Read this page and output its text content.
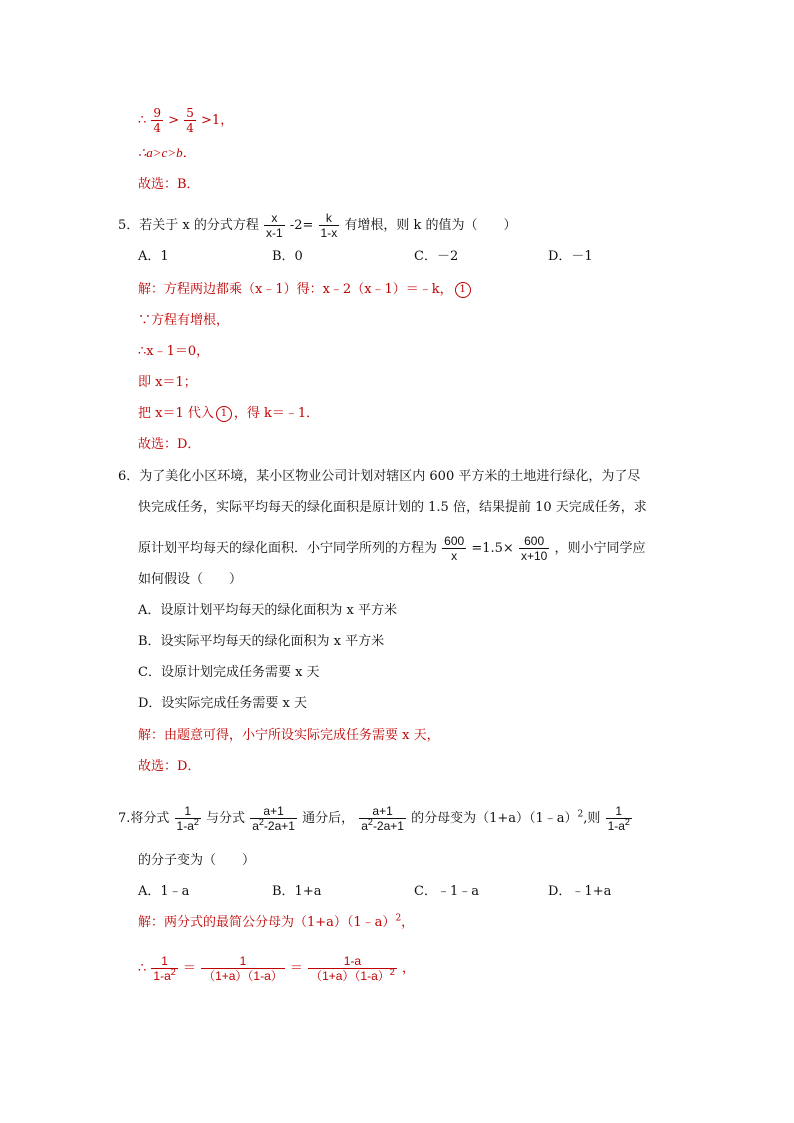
∴ $\frac{9}{4} > \frac{5}{4} >1$，
∴a>c>b．
故选：B．
5．若关于 x 的分式方程 $\frac{x}{x-1} -2= \frac{k}{1-x}$ 有增根，则 k 的值为（　　）
A．1	B．0	C．－2	D．－1
解：方程两边都乘（x﹣1）得：x﹣2（x﹣1）＝﹣k， 1
∵方程有增根，
∴x﹣1＝0，
即 x＝1；
把 x＝1 代入 1 ，得 k＝﹣1．
故选：D．
6．为了美化小区环境，某小区物业公司计划对辖区内 600 平方米的土地进行绿化，为了尽
快完成任务，实际平均每天的绿化面积是原计划的 1.5 倍，结果提前 10 天完成任务，求
原计划平均每天的绿化面积．小宁同学所列的方程为 $\frac{600}{x} =1.5\times \frac{600}{x+10}$ ，则小宁同学应
如何假设（　　）
A．设原计划平均每天的绿化面积为 x 平方米
B．设实际平均每天的绿化面积为 x 平方米
C．设原计划完成任务需要 x 天
D．设实际完成任务需要 x 天
解：由题意可得，小宁所设实际完成任务需要 x 天，
故选：D．
7.将分式 $\frac{1}{1-a^2}$ 与分式 $\frac{a+1}{a^2-2a+1}$ 通分后， $\frac{a+1}{a^2-2a+1}$ 的分母变为（1+a）（1﹣a）$^2$,则 $\frac{1}{1-a^2}$
的分子变为（　　）
A．1﹣a	B．1+a	C．﹣1﹣a	D．﹣1+a
解：两分式的最简公分母为（1+a）（1﹣a）$^2$，
∴ $\frac{1}{1-a^2} = \frac{1}{(1+a)(1-a)} = \frac{1-a}{(1+a)(1-a)^2}$ ，
